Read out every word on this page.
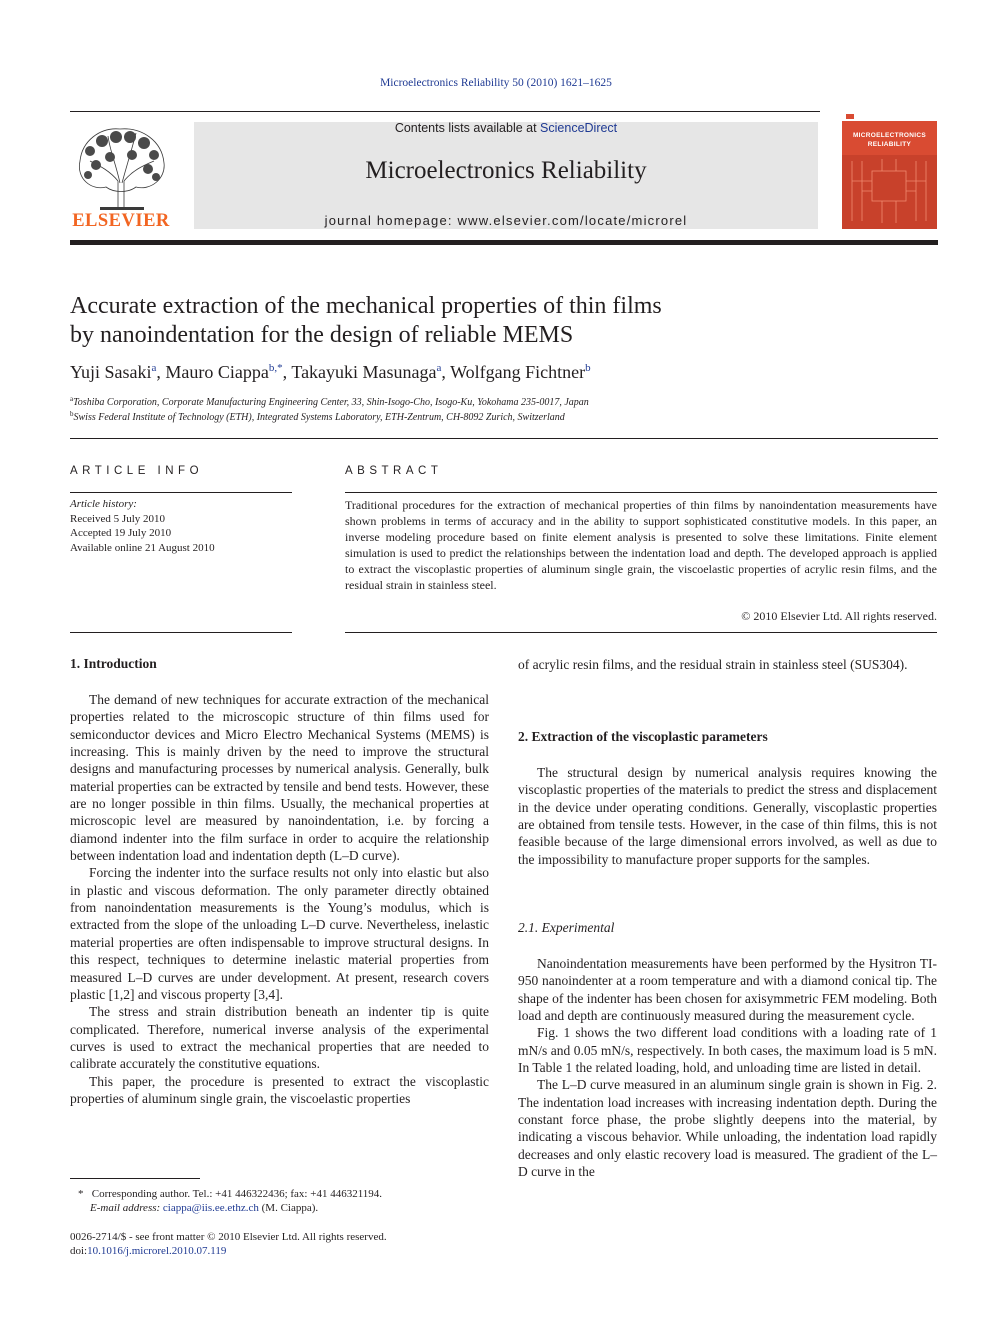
Microelectronics Reliability 50 (2010) 1621–1625
ELSEVIER
Contents lists available at ScienceDirect
Microelectronics Reliability
journal homepage: www.elsevier.com/locate/microrel
MICROELECTRONICS
RELIABILITY
Accurate extraction of the mechanical properties of thin films
by nanoindentation for the design of reliable MEMS
Yuji Sasaki$^a$, Mauro Ciappa$^{b,*}$, Takayuki Masunaga$^a$, Wolfgang Fichtner$^b$
$^a$Toshiba Corporation, Corporate Manufacturing Engineering Center, 33, Shin-Isogo-Cho, Isogo-Ku, Yokohama 235-0017, Japan
$^b$Swiss Federal Institute of Technology (ETH), Integrated Systems Laboratory, ETH-Zentrum, CH-8092 Zurich, Switzerland
ARTICLE INFO
Article history:
Received 5 July 2010
Accepted 19 July 2010
Available online 21 August 2010
ABSTRACT
Traditional procedures for the extraction of mechanical properties of thin films by nanoindentation measurements have shown problems in terms of accuracy and in the ability to support sophisticated constitutive models. In this paper, an inverse modeling procedure based on finite element analysis is presented to solve these limitations. Finite element simulation is used to predict the relationships between the indentation load and depth. The developed approach is applied to extract the viscoplastic properties of aluminum single grain, the viscoelastic properties of acrylic resin films, and the residual strain in stainless steel.
© 2010 Elsevier Ltd. All rights reserved.
1. Introduction

The demand of new techniques for accurate extraction of the mechanical properties related to the microscopic structure of thin films used for semiconductor devices and Micro Electro Mechanical Systems (MEMS) is increasing. This is mainly driven by the need to improve the structural designs and manufacturing processes by numerical analysis. Generally, bulk material properties can be extracted by tensile and bend tests. However, these are no longer possible in thin films. Usually, the mechanical properties at microscopic level are measured by nanoindentation, i.e. by forcing a diamond indenter into the film surface in order to acquire the relationship between indentation load and indentation depth (L–D curve).

Forcing the indenter into the surface results not only into elastic but also in plastic and viscous deformation. The only parameter directly obtained from nanoindentation measurements is the Young’s modulus, which is extracted from the slope of the unloading L–D curve. Nevertheless, inelastic material properties are often indispensable to improve structural designs. In this respect, techniques to determine inelastic material properties from measured L–D curves are under development. At present, research covers plastic [1,2] and viscous property [3,4].

The stress and strain distribution beneath an indenter tip is quite complicated. Therefore, numerical inverse analysis of the experimental curves is used to extract the mechanical properties that are needed to calibrate accurately the constitutive equations.

This paper, the procedure is presented to extract the viscoplastic properties of aluminum single grain, the viscoelastic properties

* Corresponding author. Tel.: +41 446322436; fax: +41 446321194.
E-mail address: ciappa@iis.ee.ethz.ch (M. Ciappa).
0026-2714/$ - see front matter © 2010 Elsevier Ltd. All rights reserved.
doi:10.1016/j.microrel.2010.07.119

of acrylic resin films, and the residual strain in stainless steel (SUS304).

2. Extraction of the viscoplastic parameters

The structural design by numerical analysis requires knowing the viscoplastic properties of the materials to predict the stress and displacement in the device under operating conditions. Generally, viscoplastic properties are obtained from tensile tests. However, in the case of thin films, this is not feasible because of the large dimensional errors involved, as well as due to the impossibility to manufacture proper supports for the samples.

2.1. Experimental

Nanoindentation measurements have been performed by the Hysitron TI-950 nanoindenter at a room temperature and with a diamond conical tip. The shape of the indenter has been chosen for axisymmetric FEM modeling. Both load and depth are continuously measured during the measurement cycle.

Fig. 1 shows the two different load conditions with a loading rate of 1 mN/s and 0.05 mN/s, respectively. In both cases, the maximum load is 5 mN. In Table 1 the related loading, hold, and unloading time are listed in detail.

The L–D curve measured in an aluminum single grain is shown in Fig. 2. The indentation load increases with increasing indentation depth. During the constant force phase, the probe slightly deepens into the material, by indicating a viscous behavior. While unloading, the indentation load rapidly decreases and only elastic recovery load is measured. The gradient of the L–D curve in the
